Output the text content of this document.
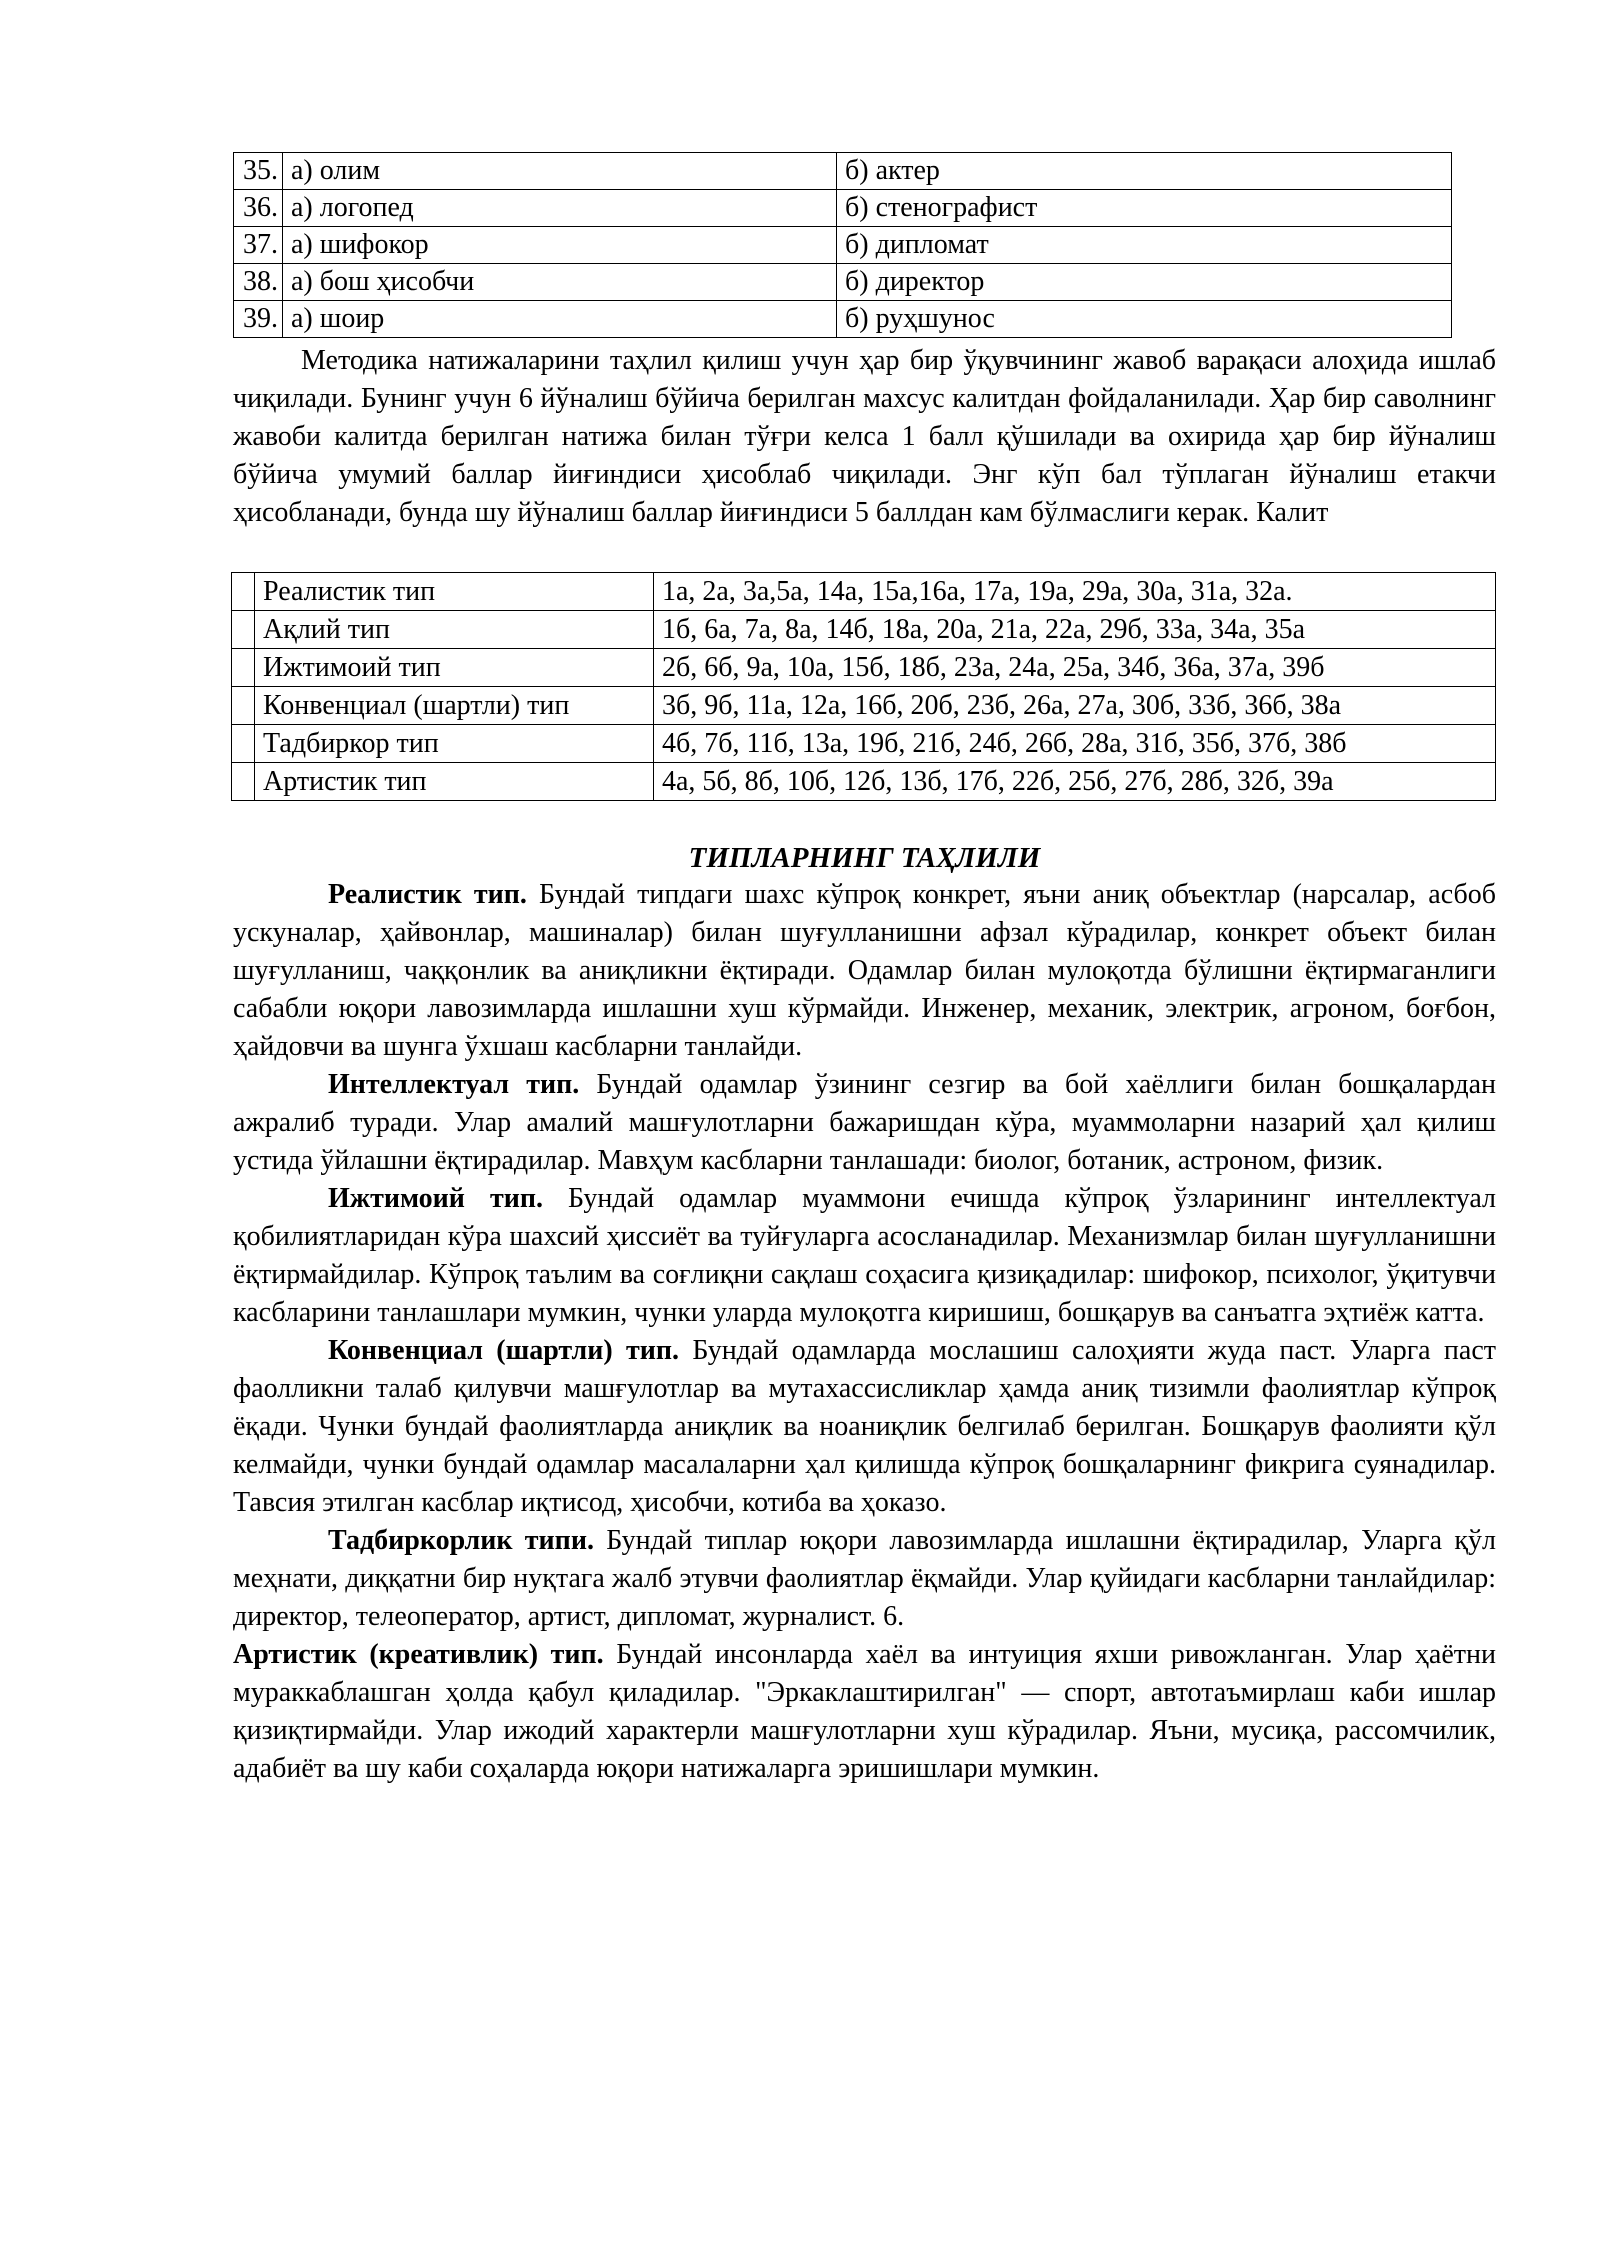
35.	а) олим	б) актер
36.	а) логопед	б) стенографист
37.	а) шифокор	б) дипломат
38.	а) бош ҳисобчи	б) директор
39.	а) шоир	б) руҳшунос

Методика натижаларини таҳлил қилиш учун ҳар бир ўқувчининг жавоб варақаси алоҳида ишлаб чиқилади. Бунинг учун 6 йўналиш бўйича берилган махсус калитдан фойдаланилади. Ҳар бир саволнинг жавоби калитда берилган натижа билан тўғри келса 1 балл қўшилади ва охирида ҳар бир йўналиш бўйича умумий баллар йиғиндиси ҳисоблаб чиқилади. Энг кўп бал тўплаган йўналиш етакчи ҳисобланади, бунда шу йўналиш баллар йиғиндиси 5 баллдан кам бўлмаслиги керак. Калит

	Реалистик тип	1а, 2а, 3а,5а, 14а, 15а,16а, 17а, 19а, 29а, 30а, 31а, 32а.
	Ақлий тип	1б, 6а, 7а, 8а, 14б, 18а, 20а, 21а, 22а, 29б, 33а, 34а, 35а
	Ижтимоий тип	2б, 6б, 9а, 10а, 15б, 18б, 23а, 24а, 25а, 34б, 36а, 37а, 39б
	Конвенциал (шартли) тип	3б, 9б, 11а, 12а, 16б, 20б, 23б, 26а, 27а, 30б, 33б, 36б, 38а
	Тадбиркор тип	4б, 7б, 11б, 13а, 19б, 21б, 24б, 26б, 28а, 31б, 35б, 37б, 38б
	Артистик тип	4а, 5б, 8б, 10б, 12б, 13б, 17б, 22б, 25б, 27б, 28б, 32б, 39а
ТИПЛАРНИНГ ТАҲЛИЛИ

Реалистик тип. Бундай типдаги шахс кўпроқ конкрет, яъни аниқ объектлар (нарсалар, асбоб ускуналар, ҳайвонлар, машиналар) билан шуғулланишни афзал кўрадилар, конкрет объект билан шуғулланиш, чаққонлик ва аниқликни ёқтиради. Одамлар билан мулоқотда бўлишни ёқтирмаганлиги сабабли юқори лавозимларда ишлашни хуш кўрмайди. Инженер, механик, электрик, агроном, боғбон, ҳайдовчи ва шунга ўхшаш касбларни танлайди.

Интеллектуал тип. Бундай одамлар ўзининг сезгир ва бой хаёллиги билан бошқалардан ажралиб туради. Улар амалий машғулотларни бажаришдан кўра, муаммоларни назарий ҳал қилиш устида ўйлашни ёқтирадилар. Мавҳум касбларни танлашади: биолог, ботаник, астроном, физик.

Ижтимоий тип. Бундай одамлар муаммони ечишда кўпроқ ўзларининг интеллектуал қобилиятларидан кўра шахсий ҳиссиёт ва туйғуларга асосланадилар. Механизмлар билан шуғулланишни ёқтирмайдилар. Кўпроқ таълим ва соғлиқни сақлаш соҳасига қизиқадилар: шифокор, психолог, ўқитувчи касбларини танлашлари мумкин, чунки уларда мулоқотга киришиш, бошқарув ва санъатга эҳтиёж катта.

Конвенциал (шартли) тип. Бундай одамларда мослашиш салоҳияти жуда паст. Уларга паст фаолликни талаб қилувчи машғулотлар ва мутахассисликлар ҳамда аниқ тизимли фаолиятлар кўпроқ ёқади. Чунки бундай фаолиятларда аниқлик ва ноаниқлик белгилаб берилган. Бошқарув фаолияти қўл келмайди, чунки бундай одамлар масалаларни ҳал қилишда кўпроқ бошқаларнинг фикрига суянадилар. Тавсия этилган касблар иқтисод, ҳисобчи, котиба ва ҳоказо.

Тадбиркорлик типи. Бундай типлар юқори лавозимларда ишлашни ёқтирадилар, Уларга қўл меҳнати, диққатни бир нуқтага жалб этувчи фаолиятлар ёқмайди. Улар қуйидаги касбларни танлайдилар: директор, телеоператор, артист, дипломат, журналист. 6.

Артистик (креативлик) тип. Бундай инсонларда хаёл ва интуиция яхши ривожланган. Улар ҳаётни мураккаблашган ҳолда қабул қиладилар. "Эркаклаштирилган" — спорт, автотаъмирлаш каби ишлар қизиқтирмайди. Улар ижодий характерли машғулотларни хуш кўрадилар. Яъни, мусиқа, рассомчилик, адабиёт ва шу каби соҳаларда юқори натижаларга эришишлари мумкин.
